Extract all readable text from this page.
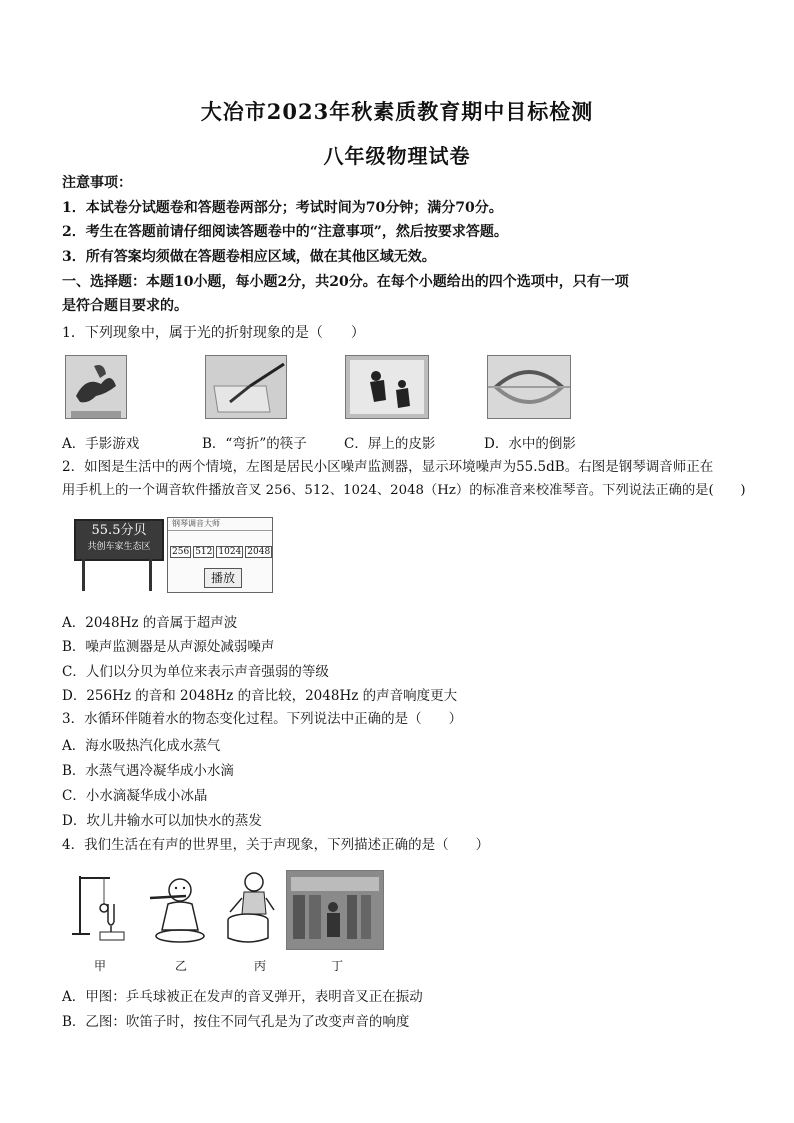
大冶市2023年秋素质教育期中目标检测
八年级物理试卷
注意事项：
1．本试卷分试题卷和答题卷两部分；考试时间为70分钟；满分70分。
2．考生在答题前请仔细阅读答题卷中的“注意事项”，然后按要求答题。
3．所有答案均须做在答题卷相应区域，做在其他区域无效。
一、选择题：本题10小题，每小题2分，共20分。在每个小题给出的四个选项中，只有一项
是符合题目要求的。
1．下列现象中，属于光的折射现象的是（　　）
A．手影游戏	B．“弯折”的筷子	C．屏上的皮影	D．水中的倒影
2．如图是生活中的两个情境，左图是居民小区噪声监测器，显示环境噪声为55.5dB。右图是钢琴调音师正在
用手机上的一个调音软件播放音叉 256、512、1024、2048（Hz）的标准音来校准琴音。下列说法正确的是(　　)
55.5分贝
共创车家生态区
钢琴调音大师
256 512 1024 2048
播放
A．2048Hz 的音属于超声波
B．噪声监测器是从声源处减弱噪声
C．人们以分贝为单位来表示声音强弱的等级
D．256Hz 的音和 2048Hz 的音比较，2048Hz 的声音响度更大
3．水循环伴随着水的物态变化过程。下列说法中正确的是（　　）
A．海水吸热汽化成水蒸气
B．水蒸气遇冷凝华成小水滴
C．小水滴凝华成小冰晶
D．坎儿井输水可以加快水的蒸发
4．我们生活在有声的世界里，关于声现象，下列描述正确的是（　　）
甲	乙	丙	丁
A．甲图：乒乓球被正在发声的音叉弹开，表明音叉正在振动
B．乙图：吹笛子时，按住不同气孔是为了改变声音的响度
